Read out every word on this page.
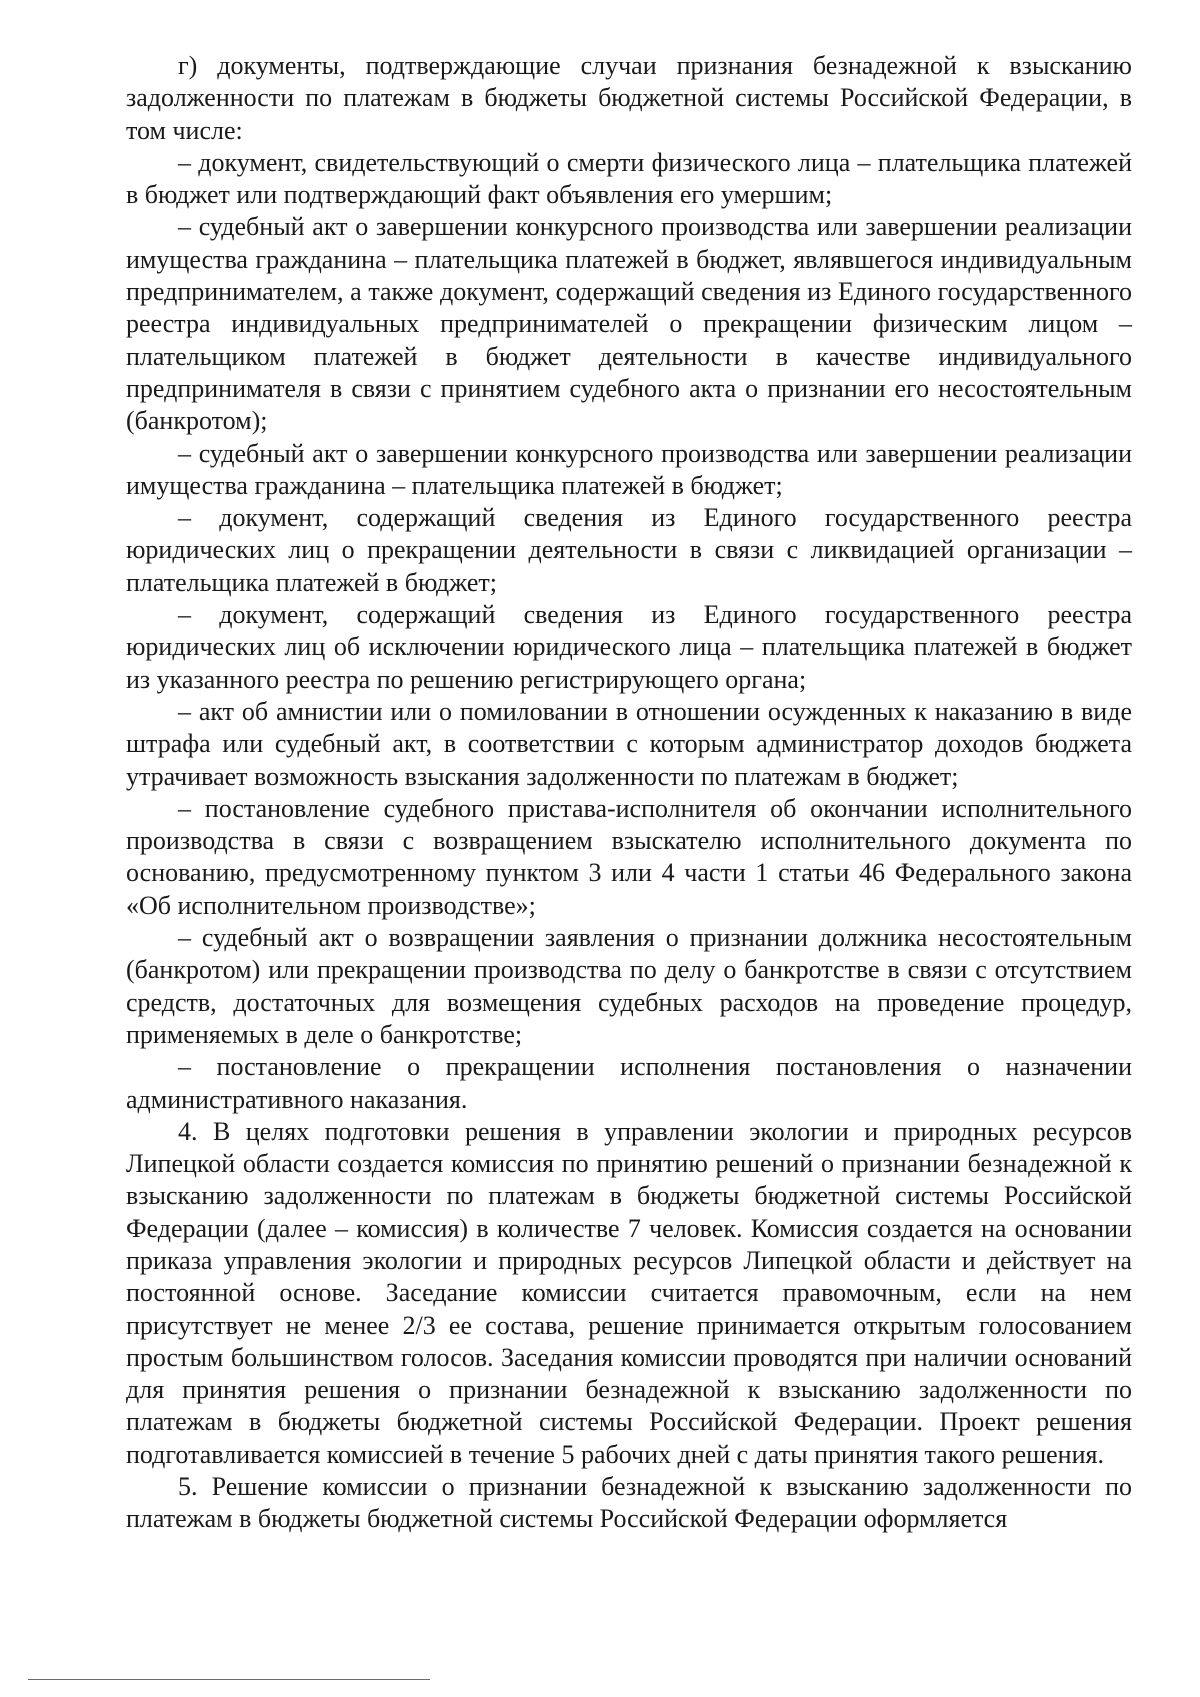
г) документы, подтверждающие случаи признания безнадежной к взысканию задолженности по платежам в бюджеты бюджетной системы Российской Федерации, в том числе:

– документ, свидетельствующий о смерти физического лица – плательщика платежей в бюджет или подтверждающий факт объявления его умершим;

– судебный акт о завершении конкурсного производства или завершении реализации имущества гражданина – плательщика платежей в бюджет, являвшегося индивидуальным предпринимателем, а также документ, содержащий сведения из Единого государственного реестра индивидуальных предпринимателей о прекращении физическим лицом – плательщиком платежей в бюджет деятельности в качестве индивидуального предпринимателя в связи с принятием судебного акта о признании его несостоятельным (банкротом);

– судебный акт о завершении конкурсного производства или завершении реализации имущества гражданина – плательщика платежей в бюджет;

– документ, содержащий сведения из Единого государственного реестра юридических лиц о прекращении деятельности в связи с ликвидацией организации – плательщика платежей в бюджет;

– документ, содержащий сведения из Единого государственного реестра юридических лиц об исключении юридического лица – плательщика платежей в бюджет из указанного реестра по решению регистрирующего органа;

– акт об амнистии или о помиловании в отношении осужденных к наказанию в виде штрафа или судебный акт, в соответствии с которым администратор доходов бюджета утрачивает возможность взыскания задолженности по платежам в бюджет;

– постановление судебного пристава-исполнителя об окончании исполнительного производства в связи с возвращением взыскателю исполнительного документа по основанию, предусмотренному пунктом 3 или 4 части 1 статьи 46 Федерального закона «Об исполнительном производстве»;

– судебный акт о возвращении заявления о признании должника несостоятельным (банкротом) или прекращении производства по делу о банкротстве в связи с отсутствием средств, достаточных для возмещения судебных расходов на проведение процедур, применяемых в деле о банкротстве;

– постановление о прекращении исполнения постановления о назначении административного наказания.

4. В целях подготовки решения в управлении экологии и природных ресурсов Липецкой области создается комиссия по принятию решений о признании безнадежной к взысканию задолженности по платежам в бюджеты бюджетной системы Российской Федерации (далее – комиссия) в количестве 7 человек. Комиссия создается на основании приказа управления экологии и природных ресурсов Липецкой области и действует на постоянной основе. Заседание комиссии считается правомочным, если на нем присутствует не менее 2/3 ее состава, решение принимается открытым голосованием простым большинством голосов. Заседания комиссии проводятся при наличии оснований для принятия решения о признании безнадежной к взысканию задолженности по платежам в бюджеты бюджетной системы Российской Федерации. Проект решения подготавливается комиссией в течение 5 рабочих дней с даты принятия такого решения.

5. Решение комиссии о признании безнадежной к взысканию задолженности по платежам в бюджеты бюджетной системы Российской Федерации оформляется
